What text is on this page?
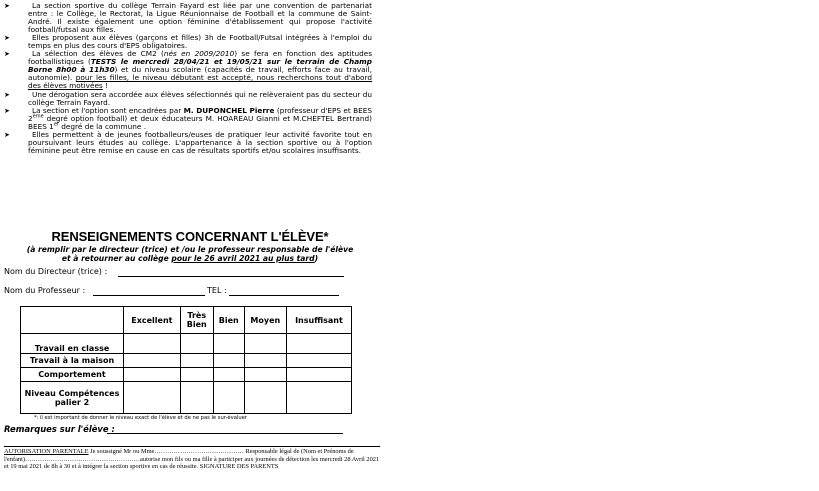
➤	La section sportive du collège Terrain Fayard est liée par une convention de partenariat entre : le Collège, le Rectorat, la Ligue Réunionnaise de Football et la commune de Saint-André. Il existe également une option féminine d'établissement qui propose l'activité football/futsal aux filles.
➤	Elles proposent aux élèves (garçons et filles) 3h de Football/Futsal intégrées à l'emploi du temps en plus des cours d'EPS obligatoires.
➤	La sélection des élèves de CM2 (nés en 2009/2010) se fera en fonction des aptitudes footballistiques (TESTS le mercredi 28/04/21 et 19/05/21 sur le terrain de Champ Borne 8h00 à 11h30) et du niveau scolaire (capacités de travail, efforts face au travail, autonomie). pour les filles, le niveau débutant est accepté, nous recherchons tout d'abord des élèves motivées !
➤	Une dérogation sera accordée aux élèves sélectionnés qui ne relèveraient pas du secteur du collège Terrain Fayard.
➤	La section et l'option sont encadrées par M. DUPONCHEL Pierre (professeur d'EPS et BEES 2ème degré option football) et deux éducateurs M. HOAREAU Gianni et M.CHEFTEL Bertrand) BEES 1er degré de la commune .
➤	Elles permettent à de jeunes footballeurs/euses de pratiquer leur activité favorite tout en poursuivant leurs études au collège. L'appartenance à la section sportive ou à l'option féminine peut être remise en cause en cas de résultats sportifs et/ou scolaires insuffisants.
RENSEIGNEMENTS CONCERNANT L'ÉLÈVE*
(à remplir par le directeur (trice) et /ou le professeur responsable de l'élève
et à retourner au collège pour le 26 avril 2021 au plus tard)
Nom du Directeur (trice) :
Nom du Professeur :	TEL :
	Excellent	Très Bien	Bien	Moyen	Insuffisant
Travail en classe					
Travail à la maison					
Comportement					
Niveau Compétences palier 2					
*: il est important de donner le niveau exact de l'élève et de ne pas le sur-évaluer
Remarques sur l'élève :
AUTORISATION PARENTALE Je soussigné Mr ou Mme…………………………………… Responsable légal de (Nom et Prénoms de l'enfant)………………………………………………autorise mon fils ou ma fille à participer aux journées de détection les mercredi 28 Avril 2021 et 19 mai 2021 de 8h à 30 et à intégrer la section sportive en cas de réussite. SIGNATURE DES PARENTS
